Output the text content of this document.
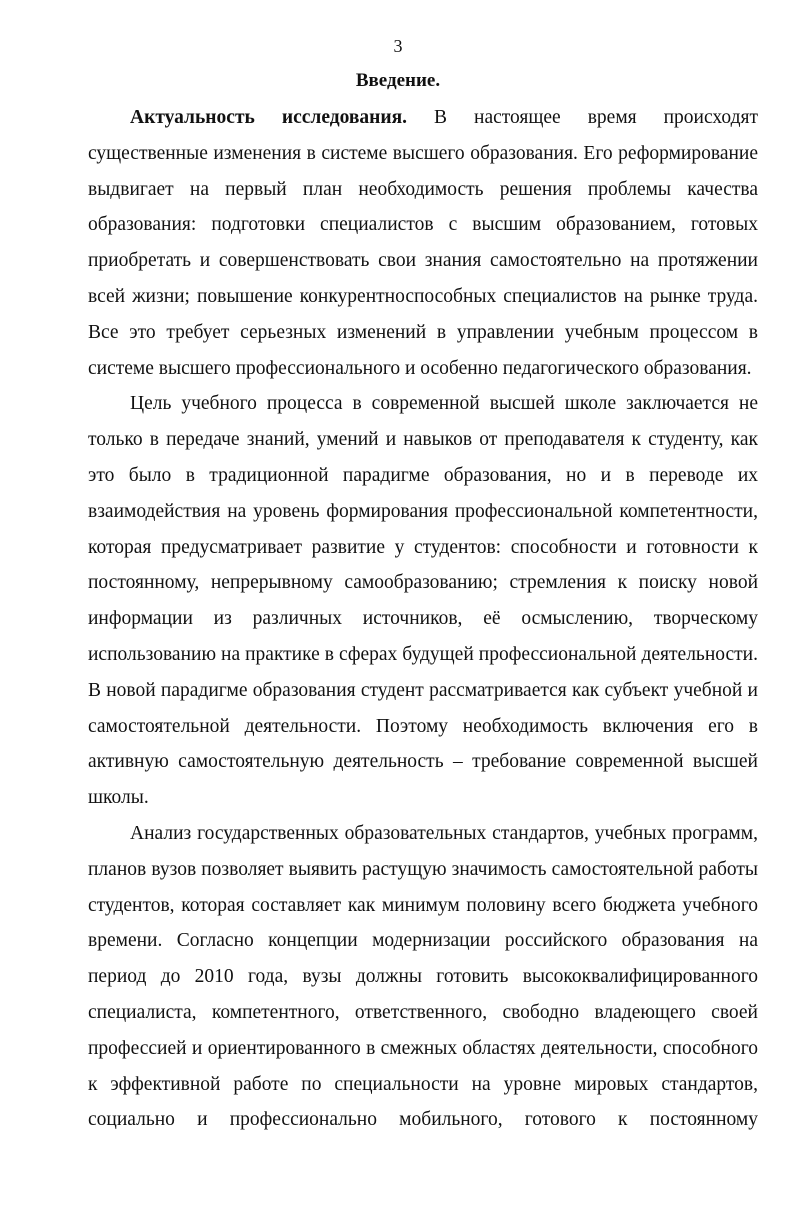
3
Введение.

Актуальность исследования. В настоящее время происходят существенные изменения в системе высшего образования. Его реформирование выдвигает на первый план необходимость решения проблемы качества образования: подготовки специалистов с высшим образованием, готовых приобретать и совершенствовать свои знания самостоятельно на протяжении всей жизни; повышение конкурентноспособных специалистов на рынке труда. Все это требует серьезных изменений в управлении учебным процессом в системе высшего профессионального и особенно педагогического образования.

Цель учебного процесса в современной высшей школе заключается не только в передаче знаний, умений и навыков от преподавателя к студенту, как это было в традиционной парадигме образования, но и в переводе их взаимодействия на уровень формирования профессиональной компетентности, которая предусматривает развитие у студентов: способности и готовности к постоянному, непрерывному самообразованию; стремления к поиску новой информации из различных источников, её осмыслению, творческому использованию на практике в сферах будущей профессиональной деятельности. В новой парадигме образования студент рассматривается как субъект учебной и самостоятельной деятельности. Поэтому необходимость включения его в активную самостоятельную деятельность – требование современной высшей школы.

Анализ государственных образовательных стандартов, учебных программ, планов вузов позволяет выявить растущую значимость самостоятельной работы студентов, которая составляет как минимум половину всего бюджета учебного времени. Согласно концепции модернизации российского образования на период до 2010 года, вузы должны готовить высококвалифицированного специалиста, компетентного, ответственного, свободно владеющего своей профессией и ориентированного в смежных областях деятельности, способного к эффективной работе по специальности на уровне мировых стандартов, социально и профессионально мобильного, готового к постоянному
